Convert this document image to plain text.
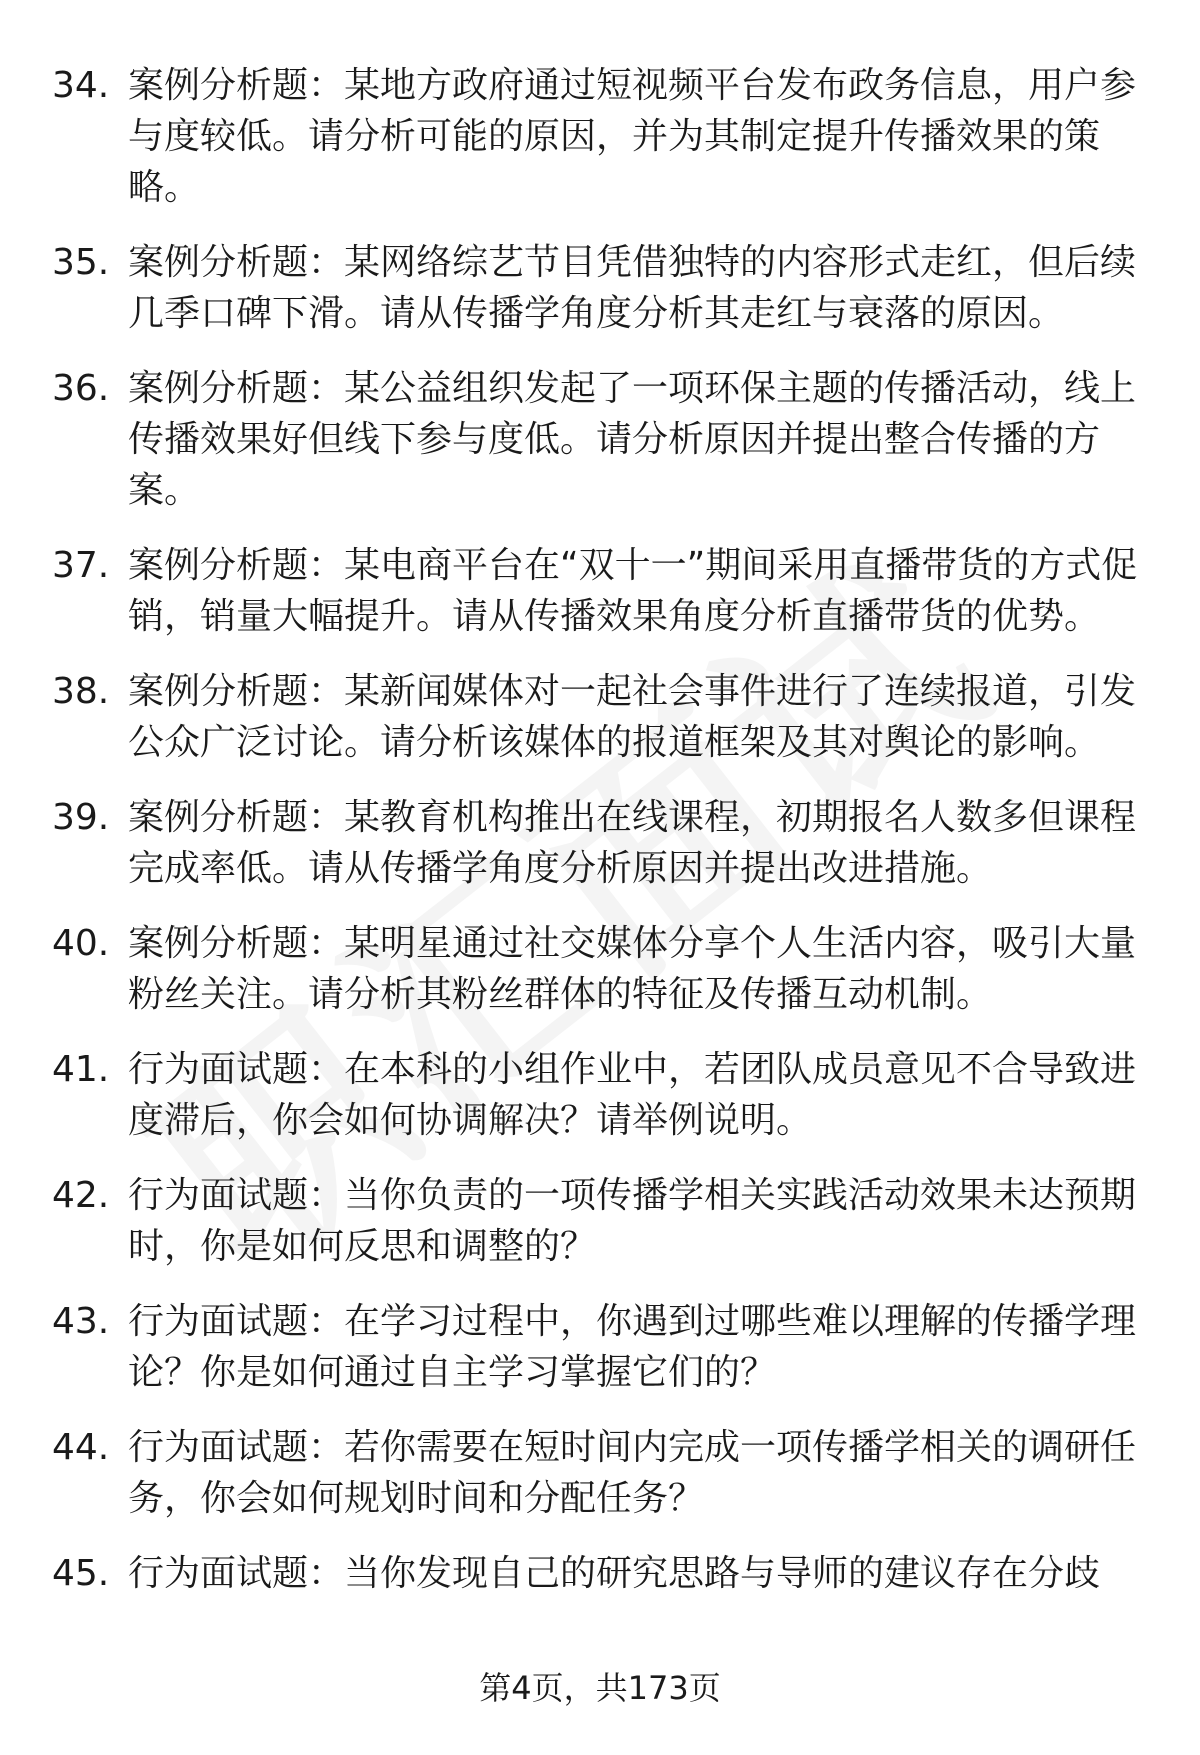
34. 案例分析题：某地方政府通过短视频平台发布政务信息，用户参与度较低。请分析可能的原因，并为其制定提升传播效果的策略。
35. 案例分析题：某网络综艺节目凭借独特的内容形式走红，但后续几季口碑下滑。请从传播学角度分析其走红与衰落的原因。
36. 案例分析题：某公益组织发起了一项环保主题的传播活动，线上传播效果好但线下参与度低。请分析原因并提出整合传播的方案。
37. 案例分析题：某电商平台在“双十一”期间采用直播带货的方式促销，销量大幅提升。请从传播效果角度分析直播带货的优势。
38. 案例分析题：某新闻媒体对一起社会事件进行了连续报道，引发公众广泛讨论。请分析该媒体的报道框架及其对舆论的影响。
39. 案例分析题：某教育机构推出在线课程，初期报名人数多但课程完成率低。请从传播学角度分析原因并提出改进措施。
40. 案例分析题：某明星通过社交媒体分享个人生活内容，吸引大量粉丝关注。请分析其粉丝群体的特征及传播互动机制。
41. 行为面试题：在本科的小组作业中，若团队成员意见不合导致进度滞后，你会如何协调解决？请举例说明。
42. 行为面试题：当你负责的一项传播学相关实践活动效果未达预期时，你是如何反思和调整的？
43. 行为面试题：在学习过程中，你遇到过哪些难以理解的传播学理论？你是如何通过自主学习掌握它们的？
44. 行为面试题：若你需要在短时间内完成一项传播学相关的调研任务，你会如何规划时间和分配任务？
45. 行为面试题：当你发现自己的研究思路与导师的建议存在分歧
第4页，共173页
